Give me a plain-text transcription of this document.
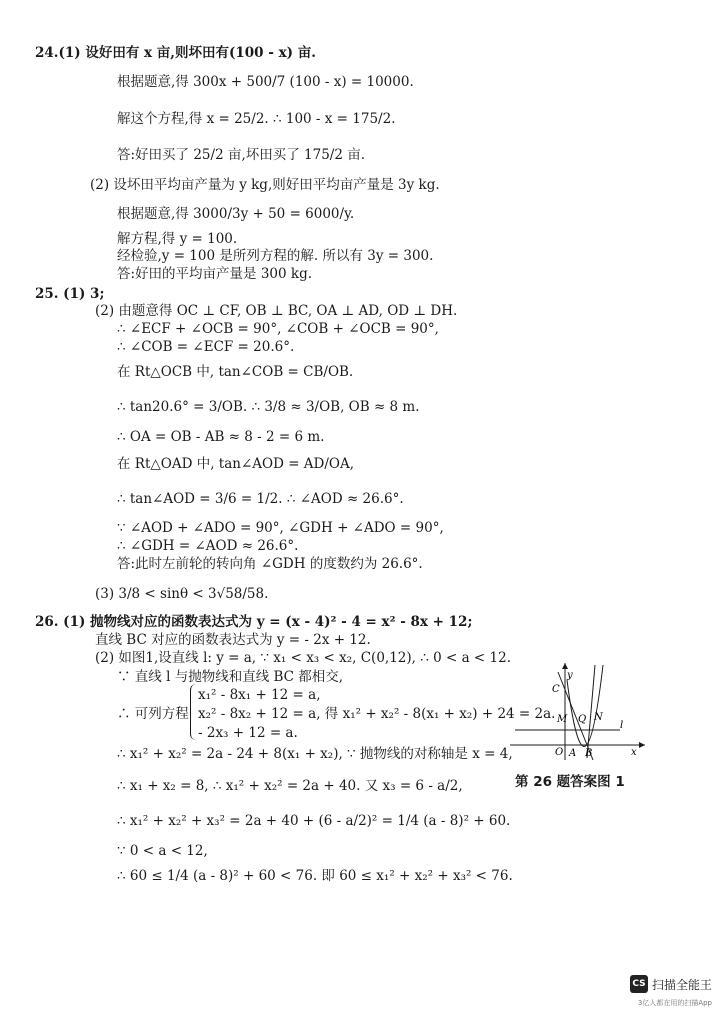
24.(1) 设好田有 x 亩,则坏田有(100 - x) 亩.
根据题意,得 300x + 500/7 (100 - x) = 10000.
解这个方程,得 x = 25/2. ∴ 100 - x = 175/2.
答:好田买了 25/2 亩,坏田买了 175/2 亩.
(2) 设坏田平均亩产量为 y kg,则好田平均亩产量是 3y kg.
根据题意,得 3000/3y + 50 = 6000/y.
解方程,得 y = 100.
经检验,y = 100 是所列方程的解. 所以有 3y = 300.
答:好田的平均亩产量是 300 kg.
25. (1) 3;
(2) 由题意得 OC ⊥ CF, OB ⊥ BC, OA ⊥ AD, OD ⊥ DH.
∴ ∠ECF + ∠OCB = 90°, ∠COB + ∠OCB = 90°,
∴ ∠COB = ∠ECF = 20.6°.
在 Rt△OCB 中, tan∠COB = CB/OB.
∴ tan20.6° = 3/OB. ∴ 3/8 ≈ 3/OB, OB ≈ 8 m.
∴ OA = OB - AB ≈ 8 - 2 = 6 m.
在 Rt△OAD 中, tan∠AOD = AD/OA,
∴ tan∠AOD = 3/6 = 1/2. ∴ ∠AOD ≈ 26.6°.
∵ ∠AOD + ∠ADO = 90°, ∠GDH + ∠ADO = 90°,
∴ ∠GDH = ∠AOD ≈ 26.6°.
答:此时左前轮的转向角 ∠GDH 的度数约为 26.6°.
(3) 3/8 < sinθ < 3√58/58.
26. (1) 抛物线对应的函数表达式为 y = (x - 4)² - 4 = x² - 8x + 12;
直线 BC 对应的函数表达式为 y = - 2x + 12.
(2) 如图1,设直线 l: y = a, ∵ x₁ < x₃ < x₂, C(0,12), ∴ 0 < a < 12.
∵ 直线 l 与抛物线和直线 BC 都相交,
∴ 可列方程
x₁² - 8x₁ + 12 = a,
x₂² - 8x₂ + 12 = a, 得 x₁² + x₂² - 8(x₁ + x₂) + 24 = 2a.
- 2x₃ + 12 = a.
∴ x₁² + x₂² = 2a - 24 + 8(x₁ + x₂), ∵ 抛物线的对称轴是 x = 4,
∴ x₁ + x₂ = 8, ∴ x₁² + x₂² = 2a + 40. 又 x₃ = 6 - a/2,
∴ x₁² + x₂² + x₃² = 2a + 40 + (6 - a/2)² = 1/4 (a - 8)² + 60.
∵ 0 < a < 12,
∴ 60 ≤ 1/4 (a - 8)² + 60 < 76. 即 60 ≤ x₁² + x₂² + x₃² < 76.
C
y
M Q N
l
O A B	x
第 26 题答案图 1
CS 扫描全能王
3亿人都在用的扫描App
